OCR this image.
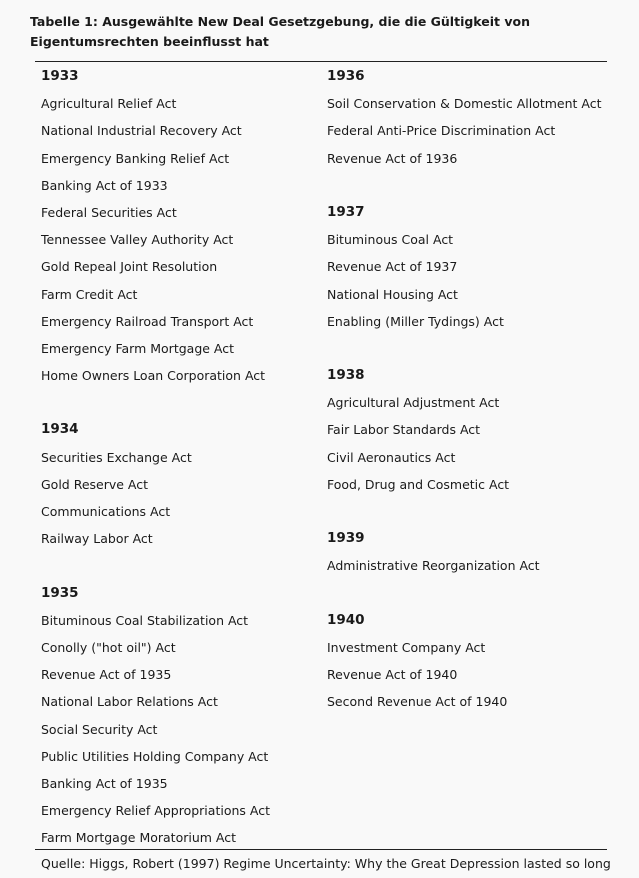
Tabelle 1: Ausgewählte New Deal Gesetzgebung, die die Gültigkeit von Eigentumsrechten beeinflusst hat
1933
Agricultural Relief Act
National Industrial Recovery Act
Emergency Banking Relief Act
Banking Act of 1933
Federal Securities Act
Tennessee Valley Authority Act
Gold Repeal Joint Resolution
Farm Credit Act
Emergency Railroad Transport Act
Emergency Farm Mortgage Act
Home Owners Loan Corporation Act
1934
Securities Exchange Act
Gold Reserve Act
Communications Act
Railway Labor Act
1935
Bituminous Coal Stabilization Act
Conolly ("hot oil") Act
Revenue Act of 1935
National Labor Relations Act
Social Security Act
Public Utilities Holding Company Act
Banking Act of 1935
Emergency Relief Appropriations Act
Farm Mortgage Moratorium Act
1936
Soil Conservation & Domestic Allotment Act
Federal Anti-Price Discrimination Act
Revenue Act of 1936
1937
Bituminous Coal Act
Revenue Act of 1937
National Housing Act
Enabling (Miller Tydings) Act
1938
Agricultural Adjustment Act
Fair Labor Standards Act
Civil Aeronautics Act
Food, Drug and Cosmetic Act
1939
Administrative Reorganization Act
1940
Investment Company Act
Revenue Act of 1940
Second Revenue Act of 1940
Quelle: Higgs, Robert (1997) Regime Uncertainty: Why the Great Depression lasted so long
